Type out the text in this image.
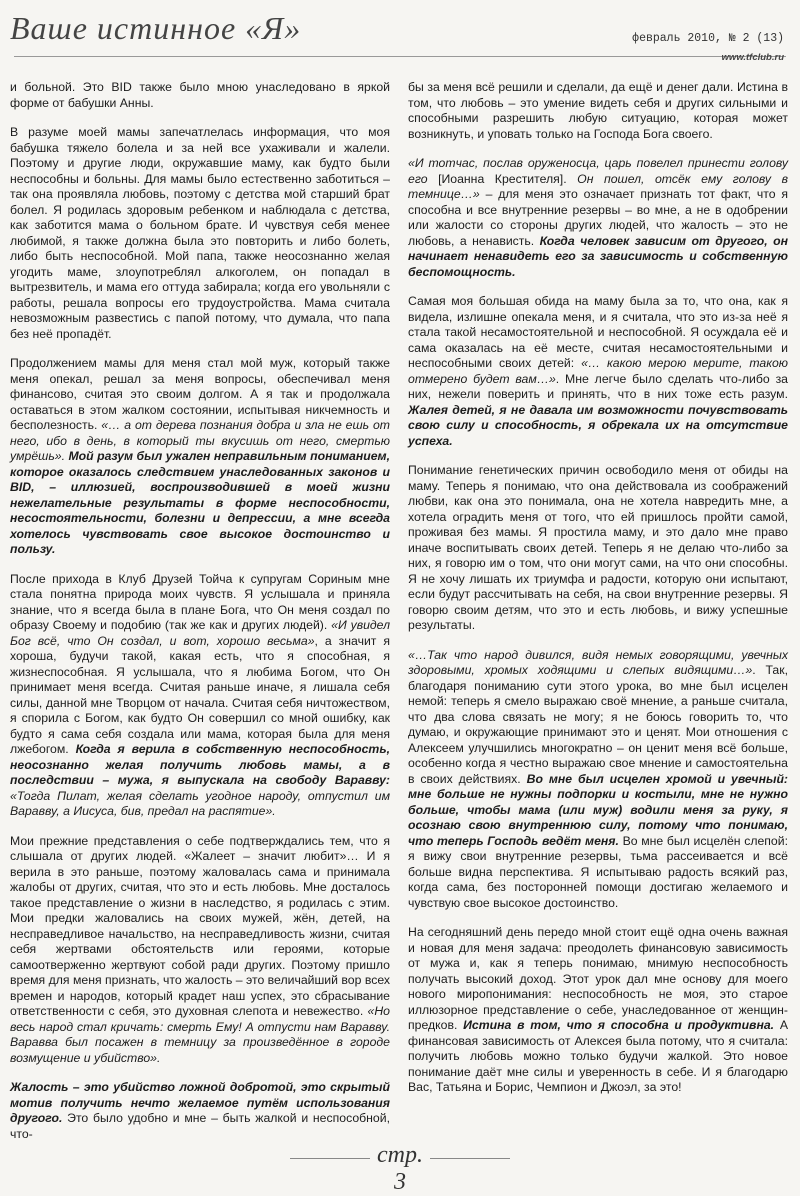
Ваше истинное «Я»	февраль 2010, № 2 (13)
www.tfclub.ru

и больной. Это BID также было мною унаследовано в яркой форме от бабушки Анны.

В разуме моей мамы запечатлелась информация, что моя бабушка тяжело болела и за ней все ухаживали и жалели. Поэтому и другие люди, окружавшие маму, как будто были неспособны и больны. Для мамы было естественно заботиться – так она проявляла любовь, поэтому с детства мой старший брат болел. Я родилась здоровым ребенком и наблюдала с детства, как заботится мама о больном брате. И чувствуя себя менее любимой, я также должна была это повторить и либо болеть, либо быть неспособной. Мой папа, также неосознанно желая угодить маме, злоупотреблял алкоголем, он попадал в вытрезвитель, и мама его оттуда забирала; когда его увольняли с работы, решала вопросы его трудоустройства. Мама считала невозможным развестись с папой потому, что думала, что папа без неё пропадёт.

Продолжением мамы для меня стал мой муж, который также меня опекал, решал за меня вопросы, обеспечивал меня финансово, считая это своим долгом. А я так и продолжала оставаться в этом жалком состоянии, испытывая никчемность и бесполезность. «… а от дерева познания добра и зла не ешь от него, ибо в день, в который ты вкусишь от него, смертью умрёшь». Мой разум был ужален неправильным пониманием, которое оказалось следствием унаследованных законов и BID, – иллюзией, воспроизводившей в моей жизни нежелательные результаты в форме неспособности, несостоятельности, болезни и депрессии, а мне всегда хотелось чувствовать свое высокое достоинство и пользу.

После прихода в Клуб Друзей Тойча к супругам Сориным мне стала понятна природа моих чувств. Я услышала и приняла знание, что я всегда была в плане Бога, что Он меня создал по образу Своему и подобию (так же как и других людей). «И увидел Бог всё, что Он создал, и вот, хорошо весьма», а значит я хороша, будучи такой, какая есть, что я способная, я жизнеспособная. Я услышала, что я любима Богом, что Он принимает меня всегда. Считая раньше иначе, я лишала себя силы, данной мне Творцом от начала. Считая себя ничтожеством, я спорила с Богом, как будто Он совершил со мной ошибку, как будто я сама себя создала или мама, которая была для меня лжебогом. Когда я верила в собственную неспособность, неосознанно желая получить любовь мамы, а в последствии – мужа, я выпускала на свободу Варавву: «Тогда Пилат, желая сделать угодное народу, отпустил им Варавву, а Иисуса, бив, предал на распятие».

Мои прежние представления о себе подтверждались тем, что я слышала от других людей. «Жалеет – значит любит»… И я верила в это раньше, поэтому жаловалась сама и принимала жалобы от других, считая, что это и есть любовь. Мне досталось такое представление о жизни в наследство, я родилась с этим. Мои предки жаловались на своих мужей, жён, детей, на несправедливое начальство, на несправедливость жизни, считая себя жертвами обстоятельств или героями, которые самоотверженно жертвуют собой ради других. Поэтому пришло время для меня признать, что жалость – это величайший вор всех времен и народов, который крадет наш успех, это сбрасывание ответственности с себя, это духовная слепота и невежество. «Но весь народ стал кричать: смерть Ему! А отпусти нам Варавву. Варавва был посажен в темницу за произведённое в городе возмущение и убийство».

Жалость – это убийство ложной добротой, это скрытый мотив получить нечто желаемое путём использования другого. Это было удобно и мне – быть жалкой и неспособной, что-

бы за меня всё решили и сделали, да ещё и денег дали. Истина в том, что любовь – это умение видеть себя и других сильными и способными разрешить любую ситуацию, которая может возникнуть, и уповать только на Господа Бога своего.

«И тотчас, послав оруженосца, царь повелел принести голову его [Иоанна Крестителя]. Он пошел, отсёк ему голову в темнице…» – для меня это означает признать тот факт, что я способна и все внутренние резервы – во мне, а не в одобрении или жалости со стороны других людей, что жалость – это не любовь, а ненависть. Когда человек зависим от другого, он начинает ненавидеть его за зависимость и собственную беспомощность.

Самая моя большая обида на маму была за то, что она, как я видела, излишне опекала меня, и я считала, что это из-за неё я стала такой несамостоятельной и неспособной. Я осуждала её и сама оказалась на её месте, считая несамостоятельными и неспособными своих детей: «… какою мерою мерите, такою отмерено будет вам…». Мне легче было сделать что-либо за них, нежели поверить и принять, что в них тоже есть разум. Жалея детей, я не давала им возможности почувствовать свою силу и способность, я обрекала их на отсутствие успеха.

Понимание генетических причин освободило меня от обиды на маму. Теперь я понимаю, что она действовала из соображений любви, как она это понимала, она не хотела навредить мне, а хотела оградить меня от того, что ей пришлось пройти самой, проживая без мамы. Я простила маму, и это дало мне право иначе воспитывать своих детей. Теперь я не делаю что-либо за них, я говорю им о том, что они могут сами, на что они способны. Я не хочу лишать их триумфа и радости, которую они испытают, если будут рассчитывать на себя, на свои внутренние резервы. Я говорю своим детям, что это и есть любовь, и вижу успешные результаты.

«…Так что народ дивился, видя немых говорящими, увечных здоровыми, хромых ходящими и слепых видящими…». Так, благодаря пониманию сути этого урока, во мне был исцелен немой: теперь я смело выражаю своё мнение, а раньше считала, что два слова связать не могу; я не боюсь говорить то, что думаю, и окружающие принимают это и ценят. Мои отношения с Алексеем улучшились многократно – он ценит меня всё больше, особенно когда я честно выражаю свое мнение и самостоятельна в своих действиях. Во мне был исцелен хромой и увечный: мне больше не нужны подпорки и костыли, мне не нужно больше, чтобы мама (или муж) водили меня за руку, я осознаю свою внутреннюю силу, потому что понимаю, что теперь Господь ведёт меня. Во мне был исцелён слепой: я вижу свои внутренние резервы, тьма рассеивается и всё больше видна перспектива. Я испытываю радость всякий раз, когда сама, без посторонней помощи достигаю желаемого и чувствую свое высокое достоинство.

На сегодняшний день передо мной стоит ещё одна очень важная и новая для меня задача: преодолеть финансовую зависимость от мужа и, как я теперь понимаю, мнимую неспособность получать высокий доход. Этот урок дал мне основу для моего нового миропонимания: неспособность не моя, это старое иллюзорное представление о себе, унаследованное от женщин-предков. Истина в том, что я способна и продуктивна. А финансовая зависимость от Алексея была потому, что я считала: получить любовь можно только будучи жалкой. Это новое понимание даёт мне силы и уверенность в себе. И я благодарю Вас, Татьяна и Борис, Чемпион и Джоэл, за это!

стр. 3
